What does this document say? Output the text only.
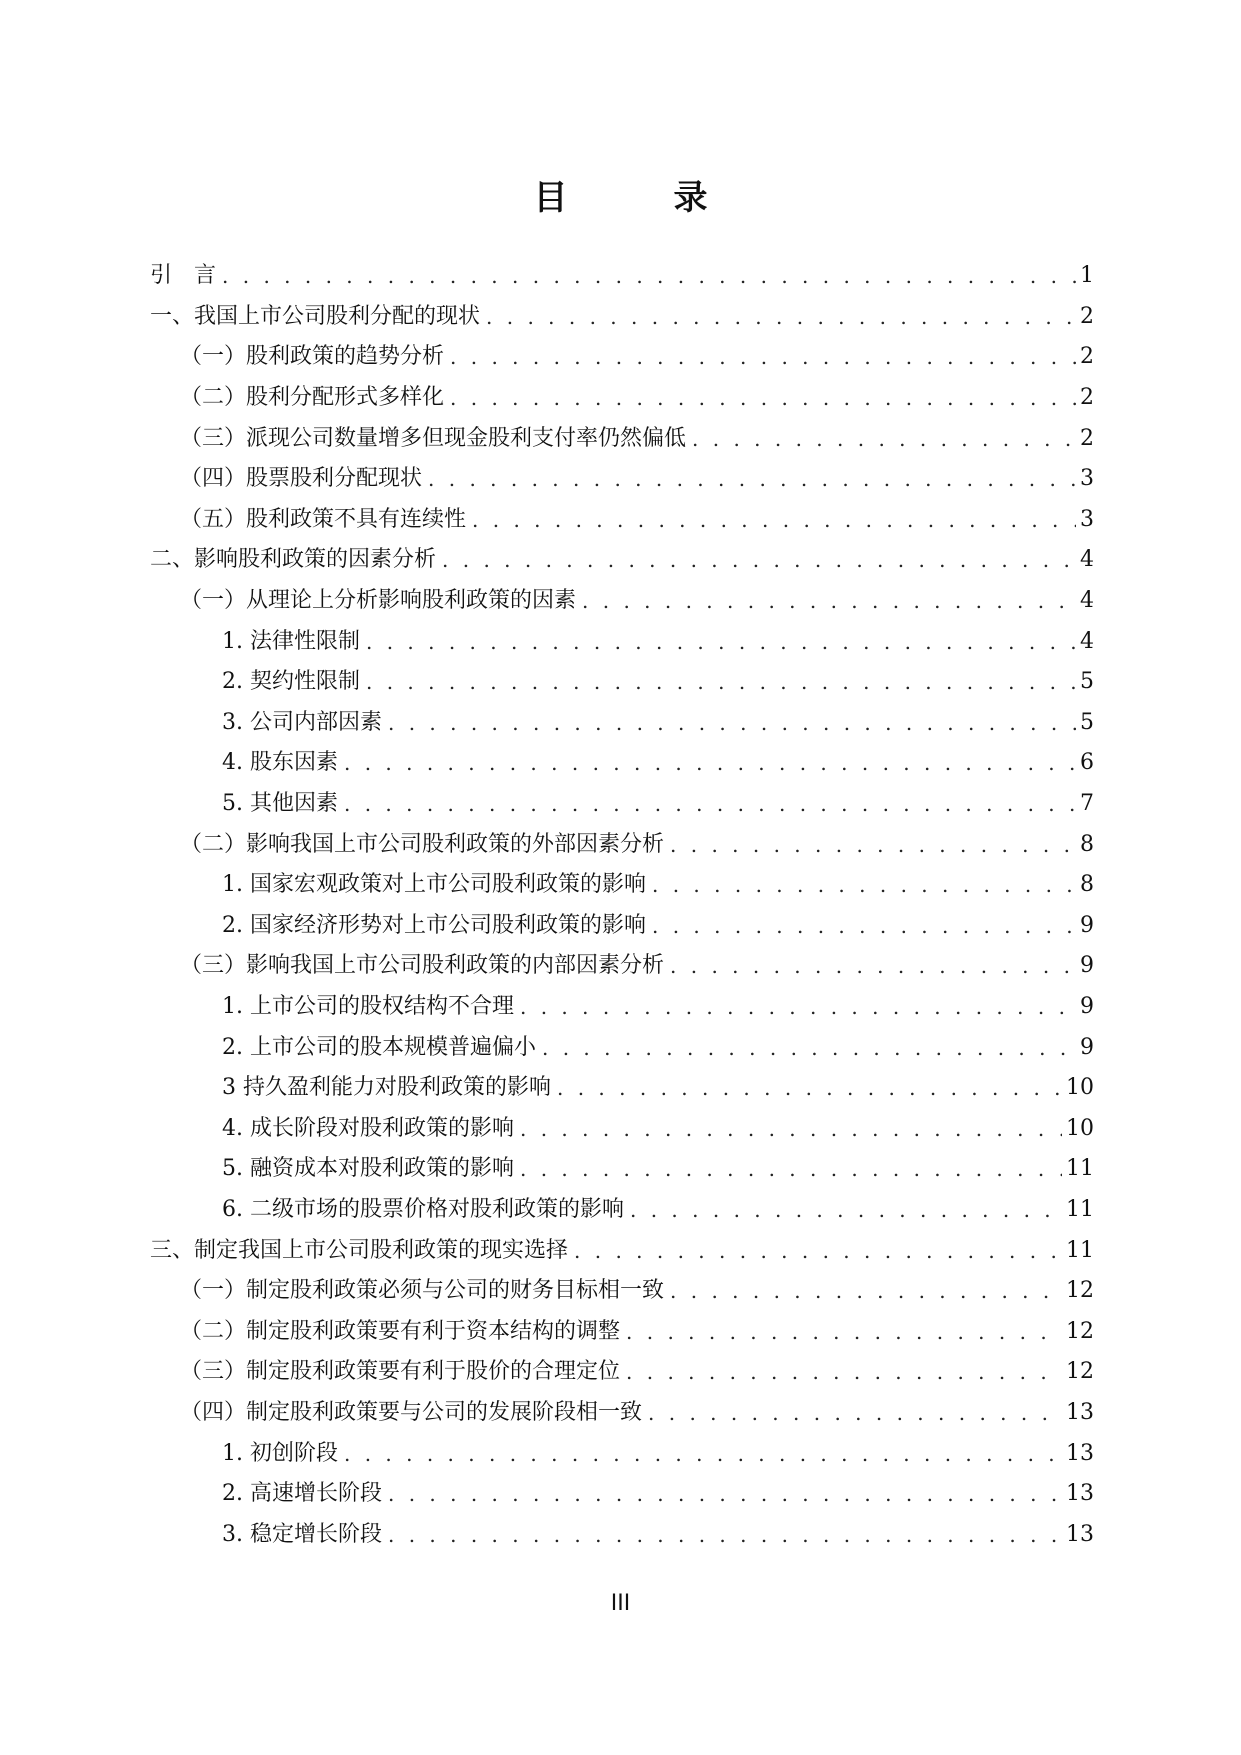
目　录
引　言 . . .	1
一、我国上市公司股利分配的现状 . . .	2
（一）股利政策的趋势分析 . . .	2
（二）股利分配形式多样化 . . .	2
（三）派现公司数量增多但现金股利支付率仍然偏低 . . .	2
（四）股票股利分配现状 . . .	3
（五）股利政策不具有连续性 . . .	3
二、影响股利政策的因素分析 . . .	4
（一）从理论上分析影响股利政策的因素 . . .	4
1. 法律性限制 . . .	4
2. 契约性限制 . . .	5
3. 公司内部因素 . . .	5
4. 股东因素 . . .	6
5. 其他因素 . . .	7
（二）影响我国上市公司股利政策的外部因素分析 . . .	8
1. 国家宏观政策对上市公司股利政策的影响 . . .	8
2. 国家经济形势对上市公司股利政策的影响 . . .	9
（三）影响我国上市公司股利政策的内部因素分析 . . .	9
1. 上市公司的股权结构不合理 . . .	9
2. 上市公司的股本规模普遍偏小 . . .	9
3 持久盈利能力对股利政策的影响 . . .	10
4. 成长阶段对股利政策的影响 . . .	10
5. 融资成本对股利政策的影响 . . .	11
6. 二级市场的股票价格对股利政策的影响 . . .	11
三、制定我国上市公司股利政策的现实选择 . . .	11
（一）制定股利政策必须与公司的财务目标相一致 . . .	12
（二）制定股利政策要有利于资本结构的调整 . . .	12
（三）制定股利政策要有利于股价的合理定位 . . .	12
（四）制定股利政策要与公司的发展阶段相一致 . . .	13
1. 初创阶段 . . .	13
2. 高速增长阶段 . . .	13
3. 稳定增长阶段 . . .	13
III
